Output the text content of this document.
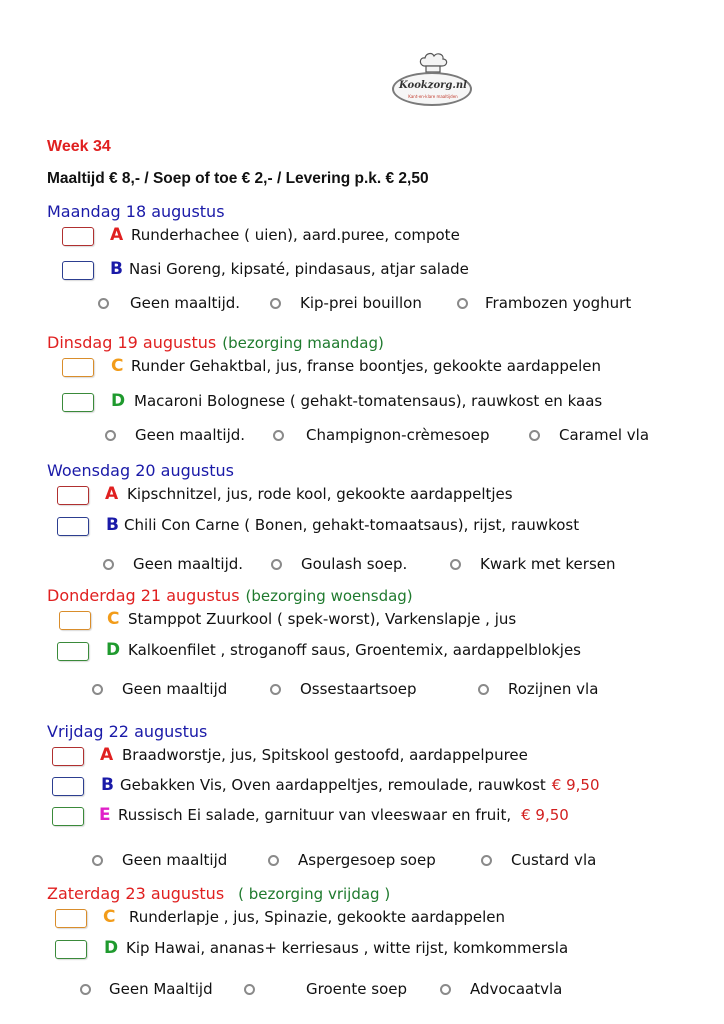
Kookzorg.nl
Kant-en-klare maaltijden
Week 34
Maaltijd € 8,- / Soep of toe € 2,- / Levering p.k. € 2,50
Maandag 18 augustus
A Runderhachee ( uien), aard.puree, compote
B Nasi Goreng, kipsaté, pindasaus, atjar salade
Geen maaltijd.	Kip-prei bouillon	Frambozen yoghurt
Dinsdag 19 augustus (bezorging maandag)
C Runder Gehaktbal, jus, franse boontjes, gekookte aardappelen
D Macaroni Bolognese ( gehakt-tomatensaus), rauwkost en kaas
Geen maaltijd.	Champignon-crèmesoep	Caramel vla
Woensdag 20 augustus
A Kipschnitzel, jus, rode kool, gekookte aardappeltjes
B Chili Con Carne ( Bonen, gehakt-tomaatsaus), rijst, rauwkost
Geen maaltijd.	Goulash soep.	Kwark met kersen
Donderdag 21 augustus (bezorging woensdag)
C Stamppot Zuurkool ( spek-worst), Varkenslapje , jus
D Kalkoenfilet , stroganoff saus, Groentemix, aardappelblokjes
Geen maaltijd	Ossestaartsoep	Rozijnen vla
Vrijdag 22 augustus
A Braadworstje, jus, Spitskool gestoofd, aardappelpuree
B Gebakken Vis, Oven aardappeltjes, remoulade, rauwkost € 9,50
E Russisch Ei salade, garnituur van vleeswaar en fruit, € 9,50
Geen maaltijd	Aspergesoep soep	Custard vla
Zaterdag 23 augustus ( bezorging vrijdag )
C Runderlapje , jus, Spinazie, gekookte aardappelen
D Kip Hawai, ananas+ kerriesaus , witte rijst, komkommersla
Geen Maaltijd	Groente soep	Advocaatvla
